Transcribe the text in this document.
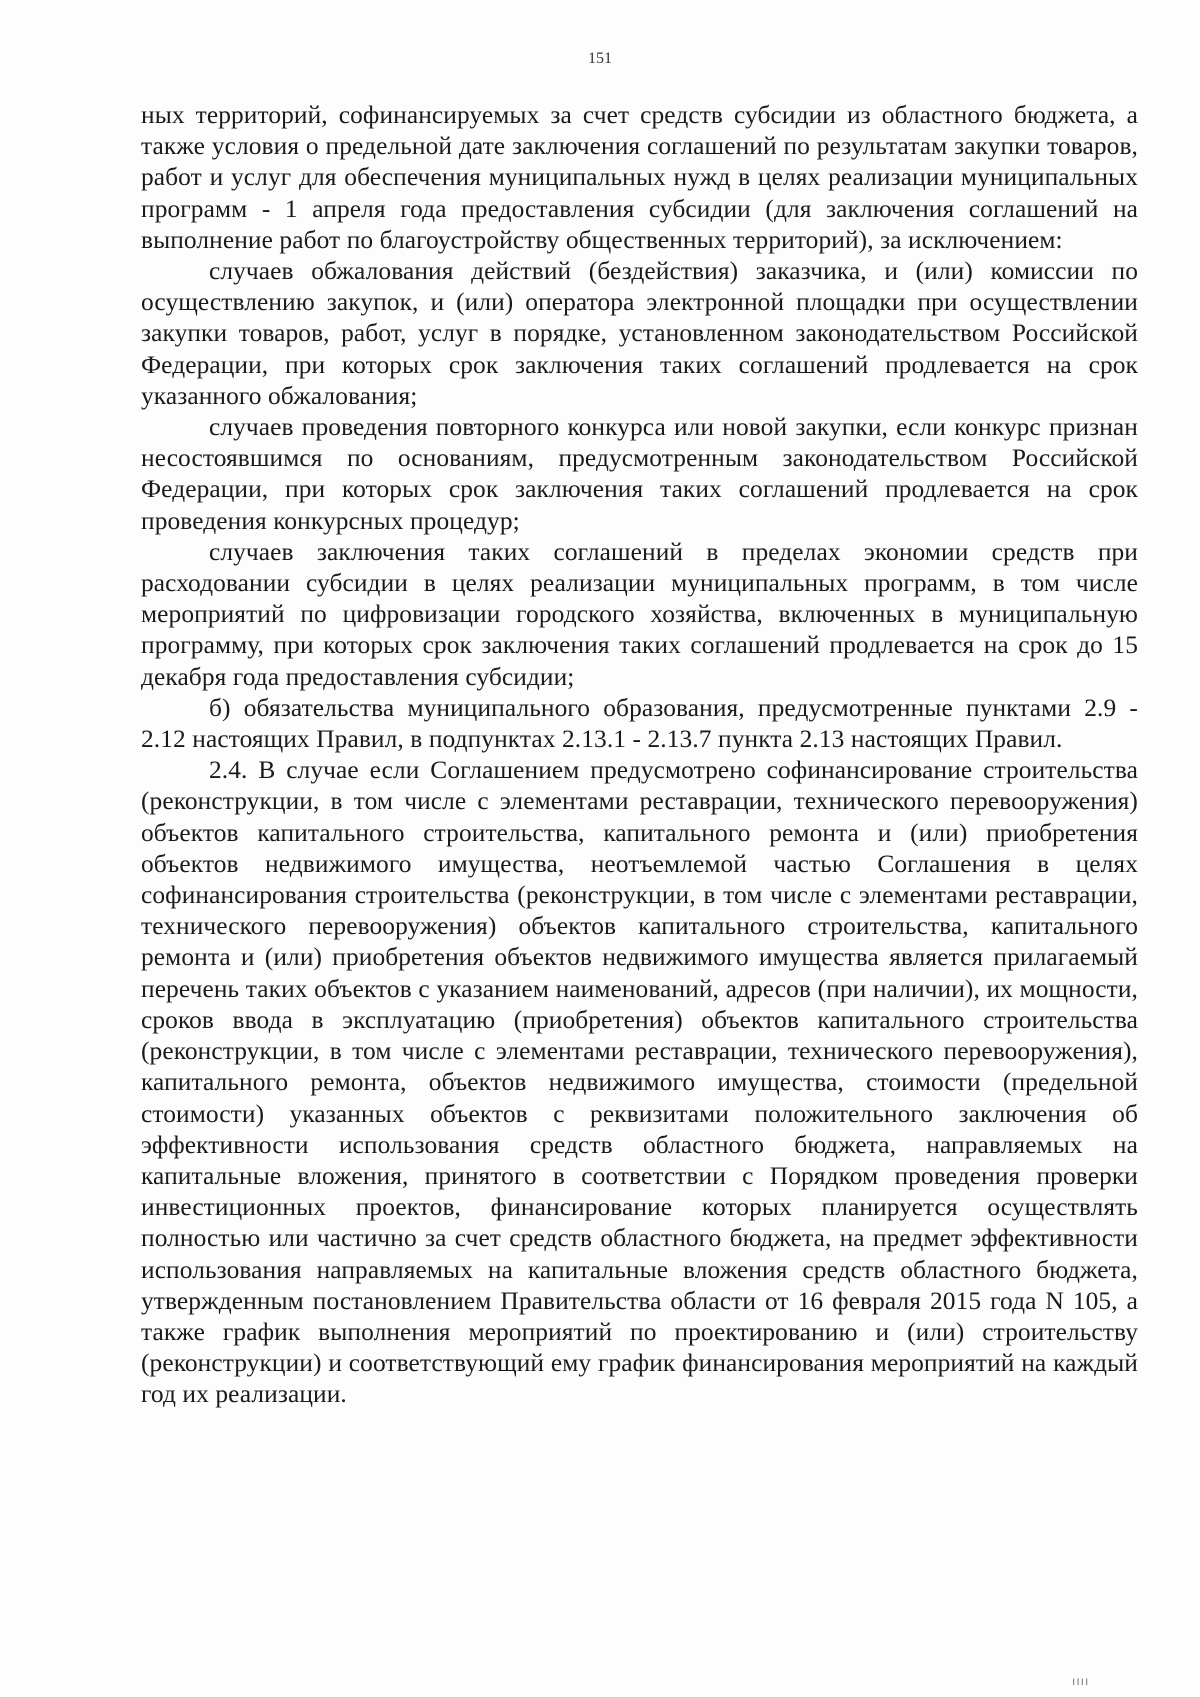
151

ных территорий, софинансируемых за счет средств субсидии из областного бюджета, а также условия о предельной дате заключения соглашений по результатам закупки товаров, работ и услуг для обеспечения муниципальных нужд в целях реализации муниципальных программ - 1 апреля года предоставления субсидии (для заключения соглашений на выполнение работ по благоустройству общественных территорий), за исключением:

случаев обжалования действий (бездействия) заказчика, и (или) комиссии по осуществлению закупок, и (или) оператора электронной площадки при осуществлении закупки товаров, работ, услуг в порядке, установленном законодательством Российской Федерации, при которых срок заключения таких соглашений продлевается на срок указанного обжалования;

случаев проведения повторного конкурса или новой закупки, если конкурс признан несостоявшимся по основаниям, предусмотренным законодательством Российской Федерации, при которых срок заключения таких соглашений продлевается на срок проведения конкурсных процедур;

случаев заключения таких соглашений в пределах экономии средств при расходовании субсидии в целях реализации муниципальных программ, в том числе мероприятий по цифровизации городского хозяйства, включенных в муниципальную программу, при которых срок заключения таких соглашений продлевается на срок до 15 декабря года предоставления субсидии;

б) обязательства муниципального образования, предусмотренные пунктами 2.9 - 2.12 настоящих Правил, в подпунктах 2.13.1 - 2.13.7 пункта 2.13 настоящих Правил.

2.4. В случае если Соглашением предусмотрено софинансирование строительства (реконструкции, в том числе с элементами реставрации, технического перевооружения) объектов капитального строительства, капитального ремонта и (или) приобретения объектов недвижимого имущества, неотъемлемой частью Соглашения в целях софинансирования строительства (реконструкции, в том числе с элементами реставрации, технического перевооружения) объектов капитального строительства, капитального ремонта и (или) приобретения объектов недвижимого имущества является прилагаемый перечень таких объектов с указанием наименований, адресов (при наличии), их мощности, сроков ввода в эксплуатацию (приобретения) объектов капитального строительства (реконструкции, в том числе с элементами реставрации, технического перевооружения), капитального ремонта, объектов недвижимого имущества, стоимости (предельной стоимости) указанных объектов с реквизитами положительного заключения об эффективности использования средств областного бюджета, направляемых на капитальные вложения, принятого в соответствии с Порядком проведения проверки инвестиционных проектов, финансирование которых планируется осуществлять полностью или частично за счет средств областного бюджета, на предмет эффективности использования направляемых на капитальные вложения средств областного бюджета, утвержденным постановлением Правительства области от 16 февраля 2015 года N 105, а также график выполнения мероприятий по проектированию и (или) строительству (реконструкции) и соответствующий ему график финансирования мероприятий на каждый год их реализации.

ıııı
